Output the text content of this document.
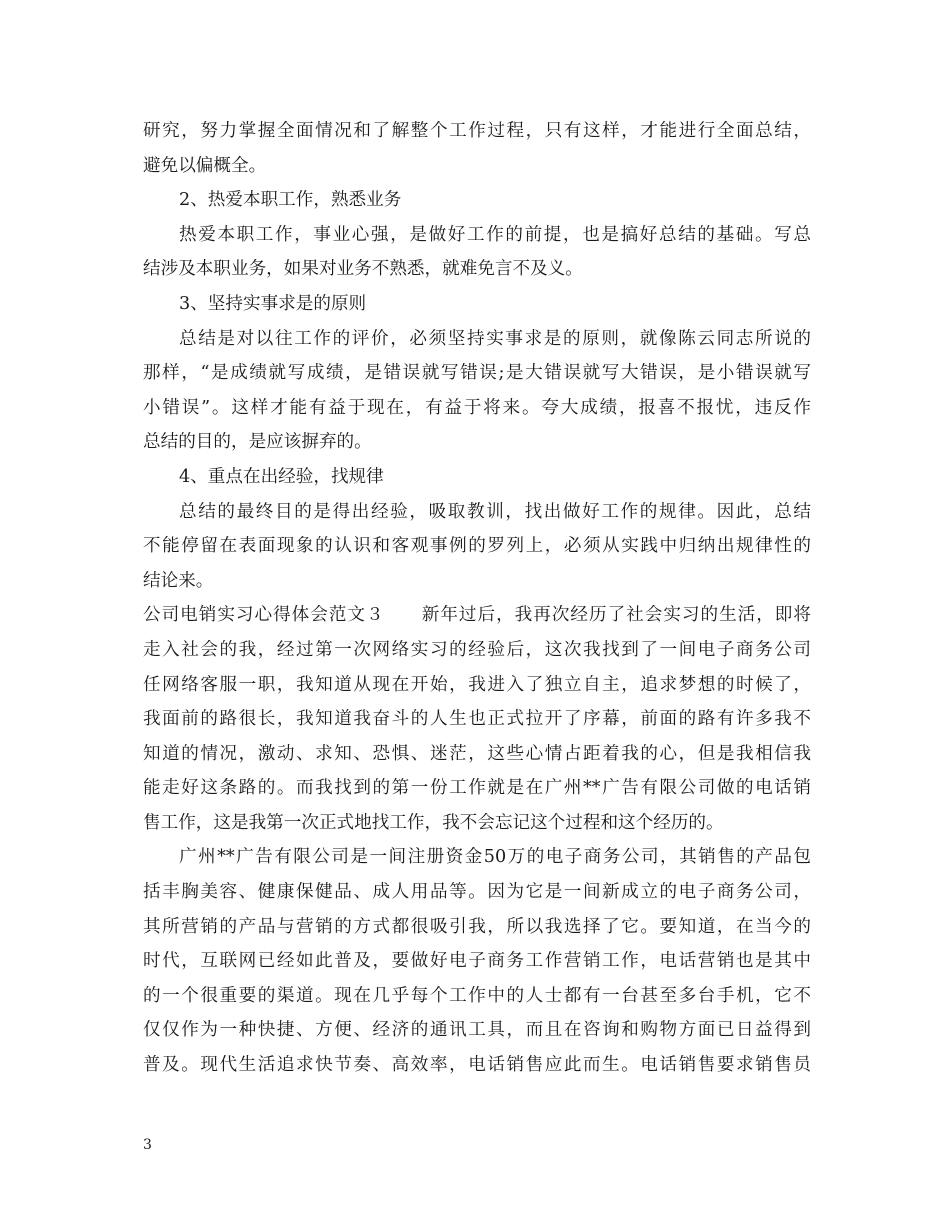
研究，努力掌握全面情况和了解整个工作过程，只有这样，才能进行全面总结，
避免以偏概全。
2、热爱本职工作，熟悉业务
热爱本职工作，事业心强，是做好工作的前提，也是搞好总结的基础。写总
结涉及本职业务，如果对业务不熟悉，就难免言不及义。
3、坚持实事求是的原则
总结是对以往工作的评价，必须坚持实事求是的原则，就像陈云同志所说的
那样，“是成绩就写成绩，是错误就写错误;是大错误就写大错误，是小错误就写
小错误”。这样才能有益于现在，有益于将来。夸大成绩，报喜不报忧，违反作
总结的目的，是应该摒弃的。
4、重点在出经验，找规律
总结的最终目的是得出经验，吸取教训，找出做好工作的规律。因此，总结
不能停留在表面现象的认识和客观事例的罗列上，必须从实践中归纳出规律性的
结论来。
公司电销实习心得体会范文３　　新年过后，我再次经历了社会实习的生活，即将
走入社会的我，经过第一次网络实习的经验后，这次我找到了一间电子商务公司
任网络客服一职，我知道从现在开始，我进入了独立自主，追求梦想的时候了，
我面前的路很长，我知道我奋斗的人生也正式拉开了序幕，前面的路有许多我不
知道的情况，激动、求知、恐惧、迷茫，这些心情占距着我的心，但是我相信我
能走好这条路的。而我找到的第一份工作就是在广州**广告有限公司做的电话销
售工作，这是我第一次正式地找工作，我不会忘记这个过程和这个经历的。
广州**广告有限公司是一间注册资金50万的电子商务公司，其销售的产品包
括丰胸美容、健康保健品、成人用品等。因为它是一间新成立的电子商务公司，
其所营销的产品与营销的方式都很吸引我，所以我选择了它。要知道，在当今的
时代，互联网已经如此普及，要做好电子商务工作营销工作，电话营销也是其中
的一个很重要的渠道。现在几乎每个工作中的人士都有一台甚至多台手机，它不
仅仅作为一种快捷、方便、经济的通讯工具，而且在咨询和购物方面已日益得到
普及。现代生活追求快节奏、高效率，电话销售应此而生。电话销售要求销售员
3
